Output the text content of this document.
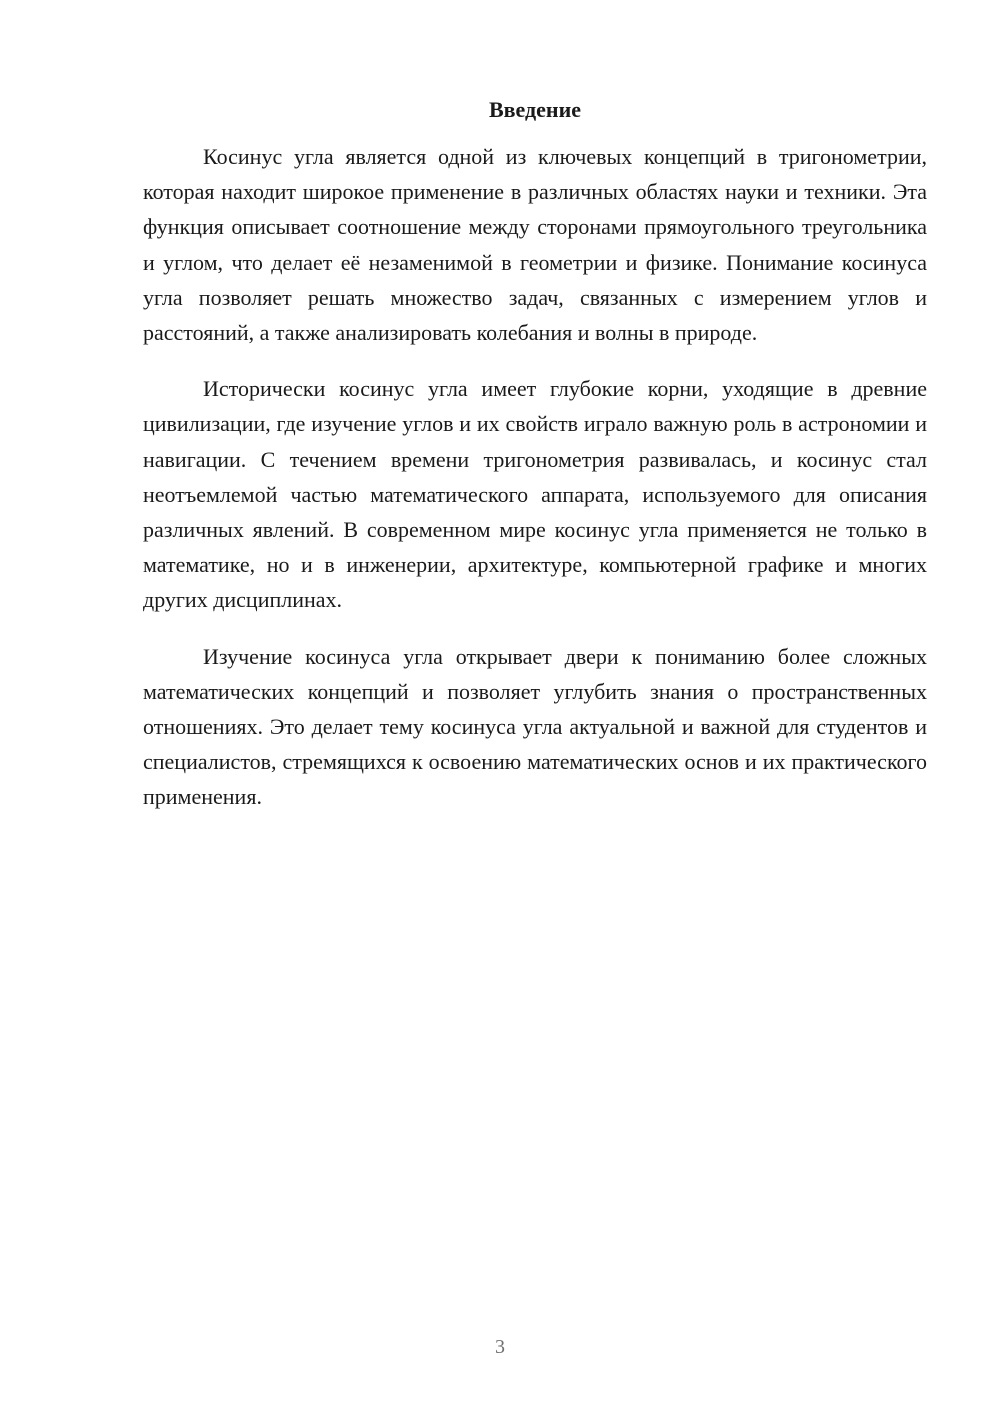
Введение

Косинус угла является одной из ключевых концепций в тригонометрии, которая находит широкое применение в различных областях науки и техники. Эта функция описывает соотношение между сторонами прямоугольного треугольника и углом, что делает её незаменимой в геометрии и физике. Понимание косинуса угла позволяет решать множество задач, связанных с измерением углов и расстояний, а также анализировать колебания и волны в природе.

Исторически косинус угла имеет глубокие корни, уходящие в древние цивилизации, где изучение углов и их свойств играло важную роль в астрономии и навигации. С течением времени тригонометрия развивалась, и косинус стал неотъемлемой частью математического аппарата, используемого для описания различных явлений. В современном мире косинус угла применяется не только в математике, но и в инженерии, архитектуре, компьютерной графике и многих других дисциплинах.

Изучение косинуса угла открывает двери к пониманию более сложных математических концепций и позволяет углубить знания о пространственных отношениях. Это делает тему косинуса угла актуальной и важной для студентов и специалистов, стремящихся к освоению математических основ и их практического применения.

3
